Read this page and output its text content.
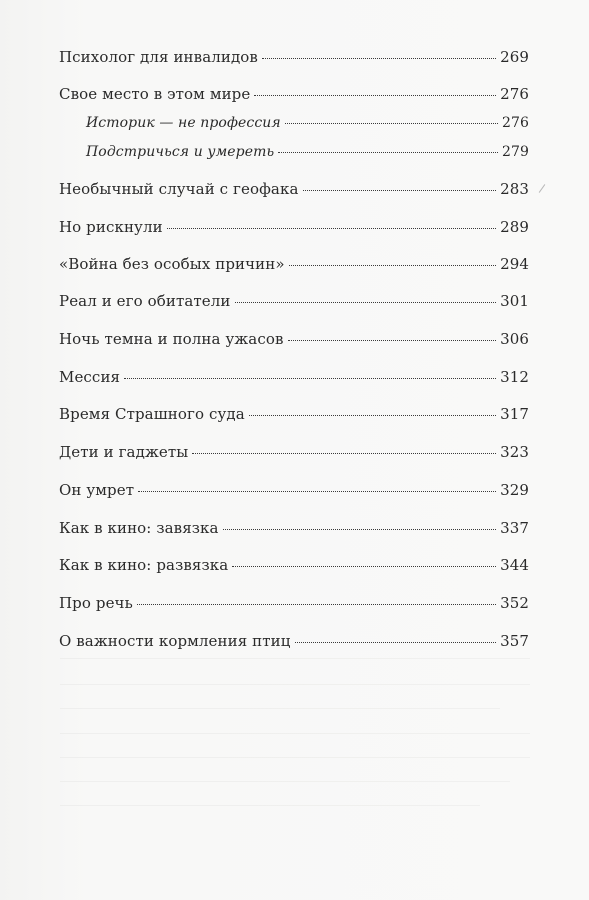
Психолог для инвалидов	269
Свое место в этом мире	276
Историк — не профессия	276
Подстричься и умереть	279
Необычный случай с геофака	283
Но рискнули	289
«Война без особых причин»	294
Реал и его обитатели	301
Ночь темна и полна ужасов	306
Мессия	312
Время Страшного суда	317
Дети и гаджеты	323
Он умрет	329
Как в кино: завязка	337
Как в кино: развязка	344
Про речь	352
О важности кормления птиц	357
